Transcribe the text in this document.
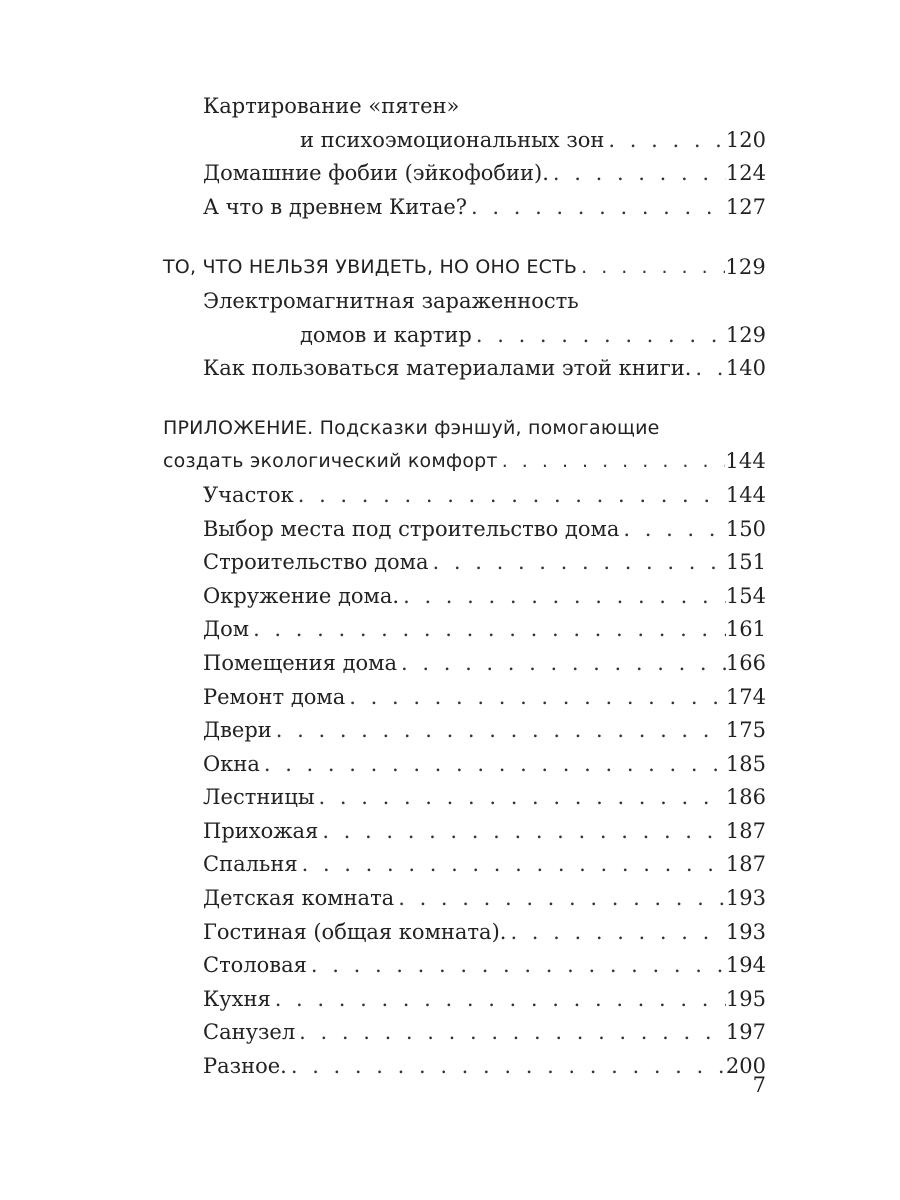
Картирование «пятен»
и психоэмоциональных зон . . .	120
Домашние фобии (эйкофобии). . . .	124
А что в древнем Китае? . . .	127
ТО, ЧТО НЕЛЬЗЯ УВИДЕТЬ, НО ОНО ЕСТЬ . . .	129
Электромагнитная зараженность
домов и картир . . .	129
Как пользоваться материалами этой книги. . . . 140
ПРИЛОЖЕНИЕ. Подсказки фэншуй, помогающие
создать экологический комфорт . . .	144
Участок . . .	144
Выбор места под строительство дома . . .	150
Строительство дома . . .	151
Окружение дома. . . .	154
Дом . . .	161
Помещения дома . . .	166
Ремонт дома . . .	174
Двери . . .	175
Окна . . .	185
Лестницы . . .	186
Прихожая . . .	187
Спальня . . .	187
Детская комната . . .	193
Гостиная (общая комната). . . .	193
Столовая . . .	194
Кухня . . .	195
Санузел . . .	197
Разное. . . .	200
7
